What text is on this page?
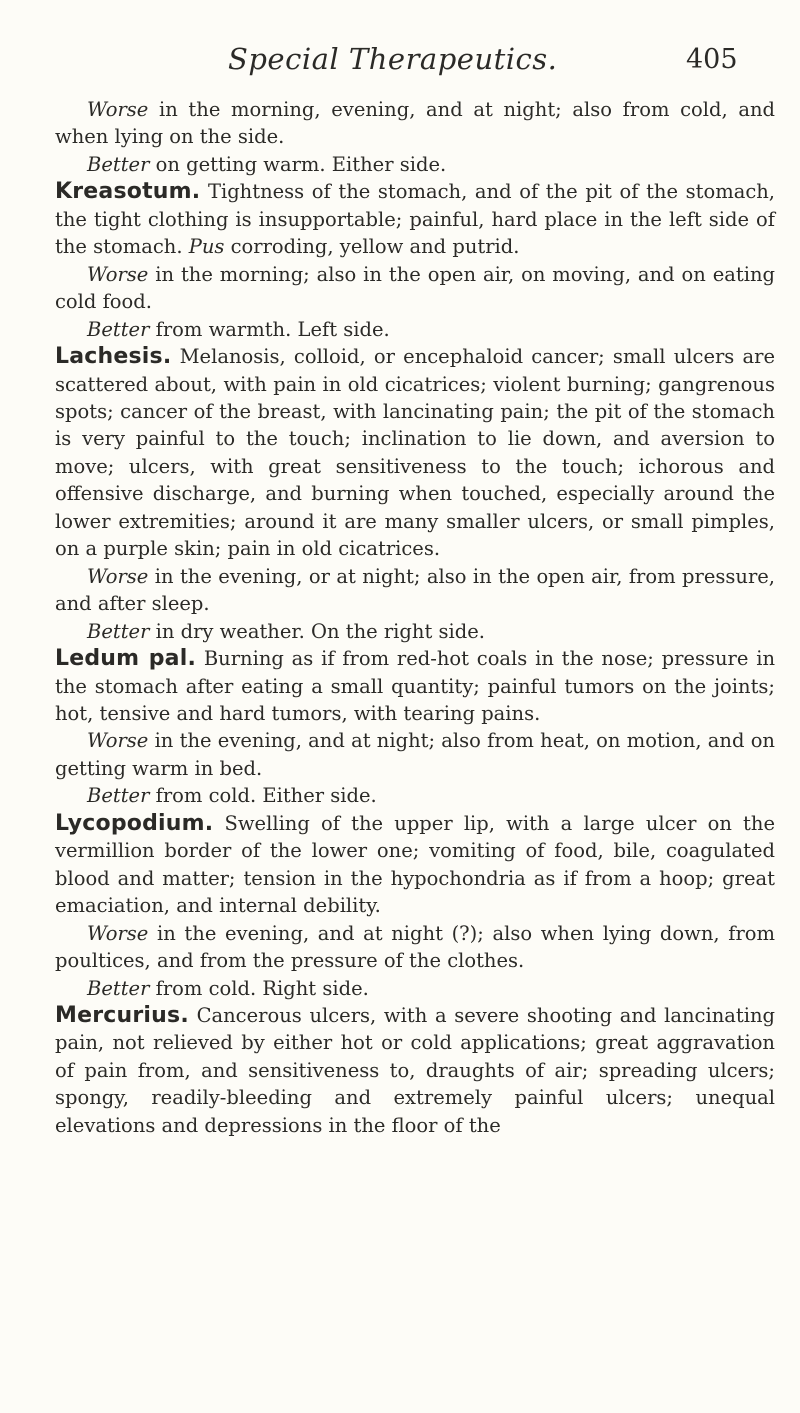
Special Therapeutics.	405

Worse in the morning, evening, and at night; also from cold, and when lying on the side.

Better on getting warm. Either side.

Kreasotum. Tightness of the stomach, and of the pit of the stomach, the tight clothing is insupportable; painful, hard place in the left side of the stomach. Pus corroding, yellow and putrid.

Worse in the morning; also in the open air, on moving, and on eating cold food.

Better from warmth. Left side.

Lachesis. Melanosis, colloid, or encephaloid cancer; small ulcers are scattered about, with pain in old cicatrices; violent burning; gangrenous spots; cancer of the breast, with lancinating pain; the pit of the stomach is very painful to the touch; inclination to lie down, and aversion to move; ulcers, with great sensitiveness to the touch; ichorous and offensive discharge, and burning when touched, especially around the lower extremities; around it are many smaller ulcers, or small pimples, on a purple skin; pain in old cicatrices.

Worse in the evening, or at night; also in the open air, from pressure, and after sleep.

Better in dry weather. On the right side.

Ledum pal. Burning as if from red-hot coals in the nose; pressure in the stomach after eating a small quantity; painful tumors on the joints; hot, tensive and hard tumors, with tearing pains.

Worse in the evening, and at night; also from heat, on motion, and on getting warm in bed.

Better from cold. Either side.

Lycopodium. Swelling of the upper lip, with a large ulcer on the vermillion border of the lower one; vomiting of food, bile, coagulated blood and matter; tension in the hypochondria as if from a hoop; great emaciation, and internal debility.

Worse in the evening, and at night (?); also when lying down, from poultices, and from the pressure of the clothes.

Better from cold. Right side.

Mercurius. Cancerous ulcers, with a severe shooting and lancinating pain, not relieved by either hot or cold applications; great aggravation of pain from, and sensitiveness to, draughts of air; spreading ulcers; spongy, readily-bleeding and extremely painful ulcers; unequal elevations and depressions in the floor of the
